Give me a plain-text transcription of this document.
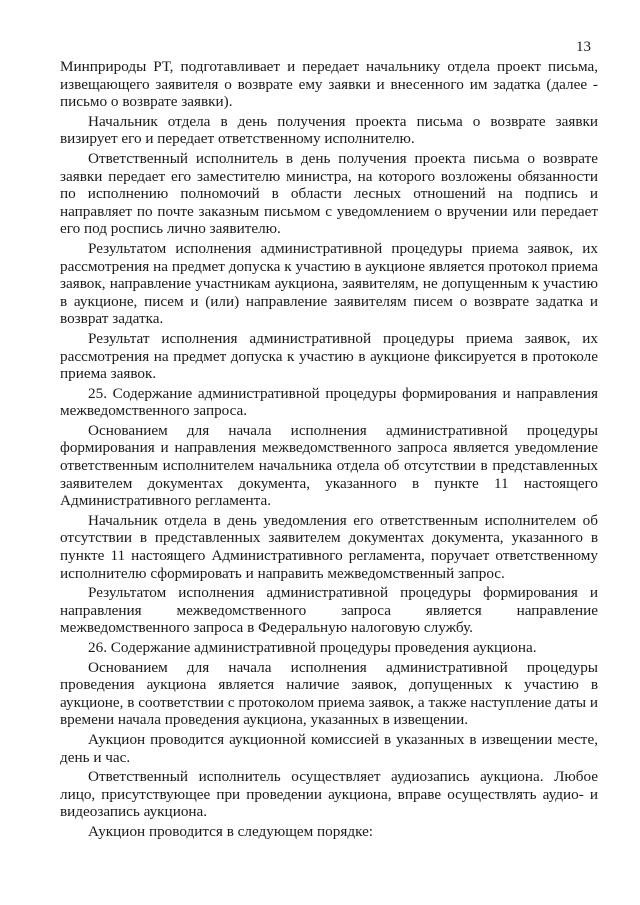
13

Минприроды РТ, подготавливает и передает начальнику отдела проект письма, извещающего заявителя о возврате ему заявки и внесенного им задатка (далее - письмо о возврате заявки).

Начальник отдела в день получения проекта письма о возврате заявки визирует его и передает ответственному исполнителю.

Ответственный исполнитель в день получения проекта письма о возврате заявки передает его заместителю министра, на которого возложены обязанности по исполнению полномочий в области лесных отношений на подпись и направляет по почте заказным письмом с уведомлением о вручении или передает его под роспись лично заявителю.

Результатом исполнения административной процедуры приема заявок, их рассмотрения на предмет допуска к участию в аукционе является протокол приема заявок, направление участникам аукциона, заявителям, не допущенным к участию в аукционе, писем и (или) направление заявителям писем о возврате задатка и возврат задатка.

Результат исполнения административной процедуры приема заявок, их рассмотрения на предмет допуска к участию в аукционе фиксируется в протоколе приема заявок.

25. Содержание административной процедуры формирования и направления межведомственного запроса.

Основанием для начала исполнения административной процедуры формирования и направления межведомственного запроса является уведомление ответственным исполнителем начальника отдела об отсутствии в представленных заявителем документах документа, указанного в пункте 11 настоящего Административного регламента.

Начальник отдела в день уведомления его ответственным исполнителем об отсутствии в представленных заявителем документах документа, указанного в пункте 11 настоящего Административного регламента, поручает ответственному исполнителю сформировать и направить межведомственный запрос.

Результатом исполнения административной процедуры формирования и направления межведомственного запроса является направление межведомственного запроса в Федеральную налоговую службу.

26. Содержание административной процедуры проведения аукциона.

Основанием для начала исполнения административной процедуры проведения аукциона является наличие заявок, допущенных к участию в аукционе, в соответствии с протоколом приема заявок, а также наступление даты и времени начала проведения аукциона, указанных в извещении.

Аукцион проводится аукционной комиссией в указанных в извещении месте, день и час.

Ответственный исполнитель осуществляет аудиозапись аукциона. Любое лицо, присутствующее при проведении аукциона, вправе осуществлять аудио- и видеозапись аукциона.

Аукцион проводится в следующем порядке:
